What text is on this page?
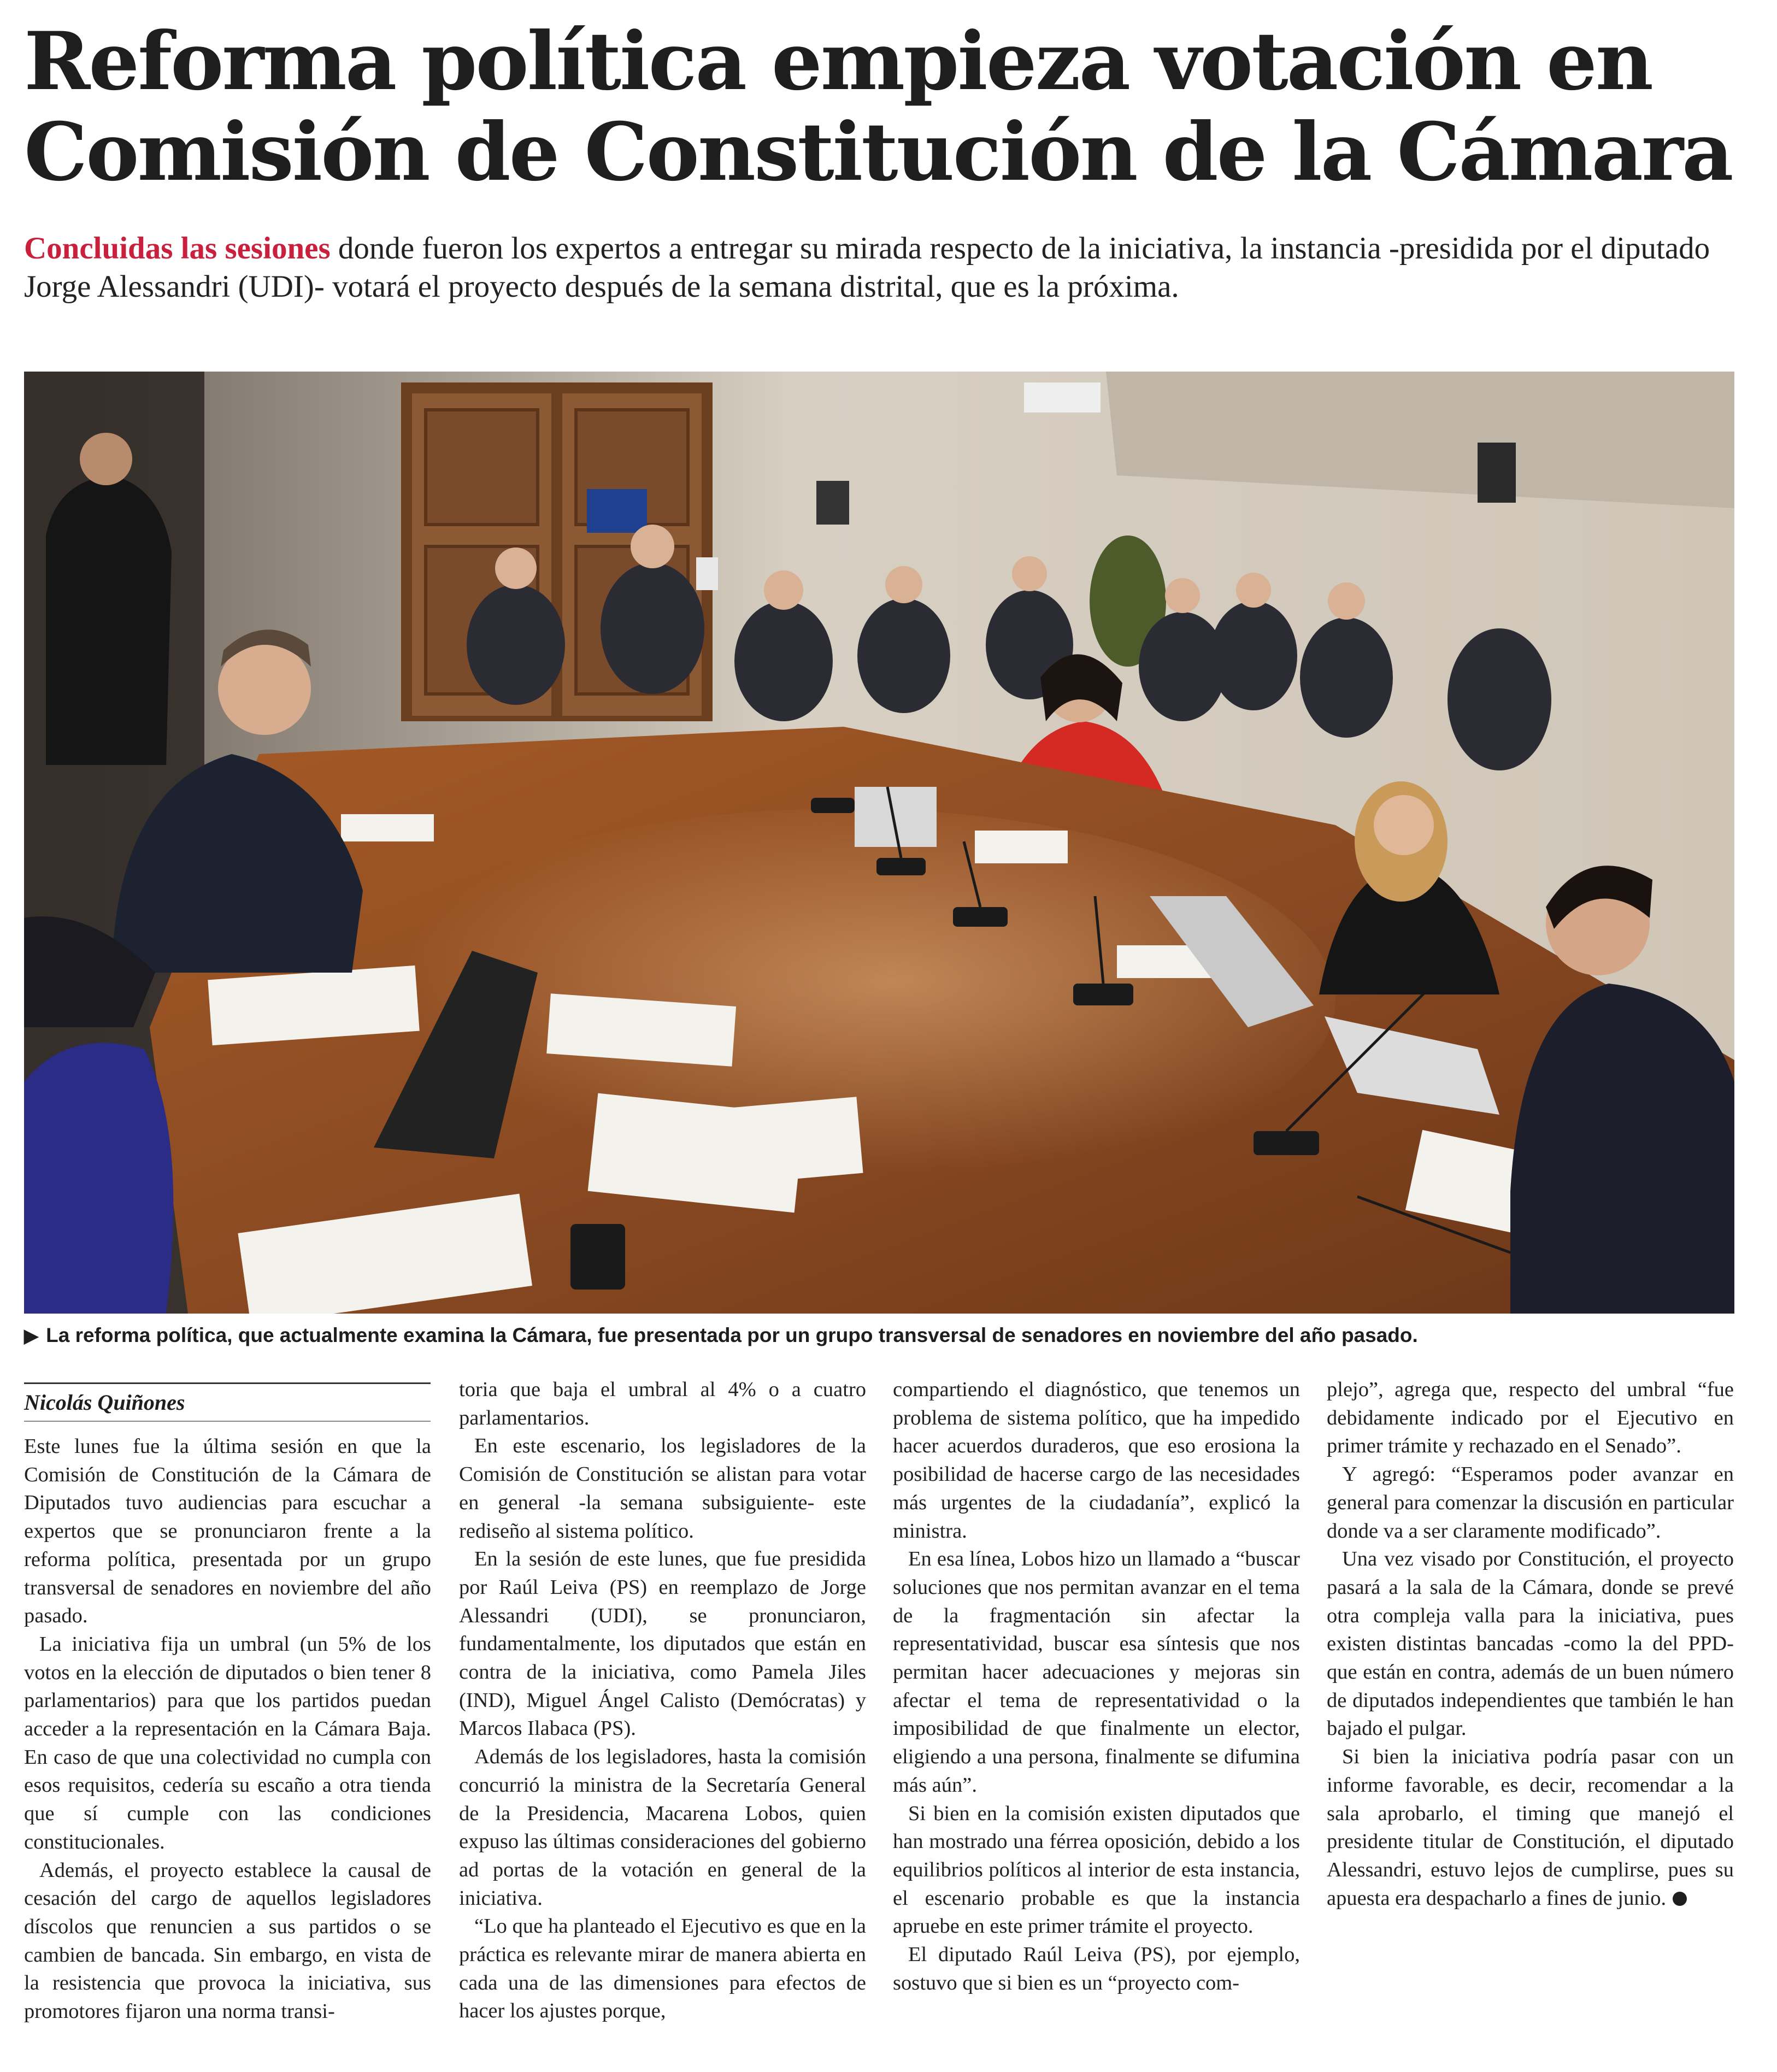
Reforma política empieza votación en
Comisión de Constitución de la Cámara

Concluidas las sesiones donde fueron los expertos a entregar su mirada respecto de la iniciativa, la instancia -presidida por el diputado Jorge Alessandri (UDI)- votará el proyecto después de la semana distrital, que es la próxima.

▶ La reforma política, que actualmente examina la Cámara, fue presentada por un grupo transversal de senadores en noviembre del año pasado.
Nicolás Quiñones

Este lunes fue la última sesión en que la Comisión de Constitución de la Cámara de Diputados tuvo audiencias para escuchar a expertos que se pronunciaron frente a la reforma política, presentada por un grupo transversal de senadores en noviembre del año pasado.

La iniciativa fija un umbral (un 5% de los votos en la elección de diputados o bien tener 8 parlamentarios) para que los partidos puedan acceder a la representación en la Cámara Baja. En caso de que una colectividad no cumpla con esos requisitos, cedería su escaño a otra tienda que sí cumple con las condiciones constitucionales.

Además, el proyecto establece la causal de cesación del cargo de aquellos legisladores díscolos que renuncien a sus partidos o se cambien de bancada. Sin embargo, en vista de la resistencia que provoca la iniciativa, sus promotores fijaron una norma transi-

toria que baja el umbral al 4% o a cuatro parlamentarios.

En este escenario, los legisladores de la Comisión de Constitución se alistan para votar en general -la semana subsiguiente- este rediseño al sistema político.

En la sesión de este lunes, que fue presidida por Raúl Leiva (PS) en reemplazo de Jorge Alessandri (UDI), se pronunciaron, fundamentalmente, los diputados que están en contra de la iniciativa, como Pamela Jiles (IND), Miguel Ángel Calisto (Demócratas) y Marcos Ilabaca (PS).

Además de los legisladores, hasta la comisión concurrió la ministra de la Secretaría General de la Presidencia, Macarena Lobos, quien expuso las últimas consideraciones del gobierno ad portas de la votación en general de la iniciativa.

“Lo que ha planteado el Ejecutivo es que en la práctica es relevante mirar de manera abierta en cada una de las dimensiones para efectos de hacer los ajustes porque,

compartiendo el diagnóstico, que tenemos un problema de sistema político, que ha impedido hacer acuerdos duraderos, que eso erosiona la posibilidad de hacerse cargo de las necesidades más urgentes de la ciudadanía”, explicó la ministra.

En esa línea, Lobos hizo un llamado a “buscar soluciones que nos permitan avanzar en el tema de la fragmentación sin afectar la representatividad, buscar esa síntesis que nos permitan hacer adecuaciones y mejoras sin afectar el tema de representatividad o la imposibilidad de que finalmente un elector, eligiendo a una persona, finalmente se difumina más aún”.

Si bien en la comisión existen diputados que han mostrado una férrea oposición, debido a los equilibrios políticos al interior de esta instancia, el escenario probable es que la instancia apruebe en este primer trámite el proyecto.

El diputado Raúl Leiva (PS), por ejemplo, sostuvo que si bien es un “proyecto com-

plejo”, agrega que, respecto del umbral “fue debidamente indicado por el Ejecutivo en primer trámite y rechazado en el Senado”.

Y agregó: “Esperamos poder avanzar en general para comenzar la discusión en particular donde va a ser claramente modificado”.

Una vez visado por Constitución, el proyecto pasará a la sala de la Cámara, donde se prevé otra compleja valla para la iniciativa, pues existen distintas bancadas -como la del PPD- que están en contra, además de un buen número de diputados independientes que también le han bajado el pulgar.

Si bien la iniciativa podría pasar con un informe favorable, es decir, recomendar a la sala aprobarlo, el timing que manejó el presidente titular de Constitución, el diputado Alessandri, estuvo lejos de cumplirse, pues su apuesta era despacharlo a fines de junio.
